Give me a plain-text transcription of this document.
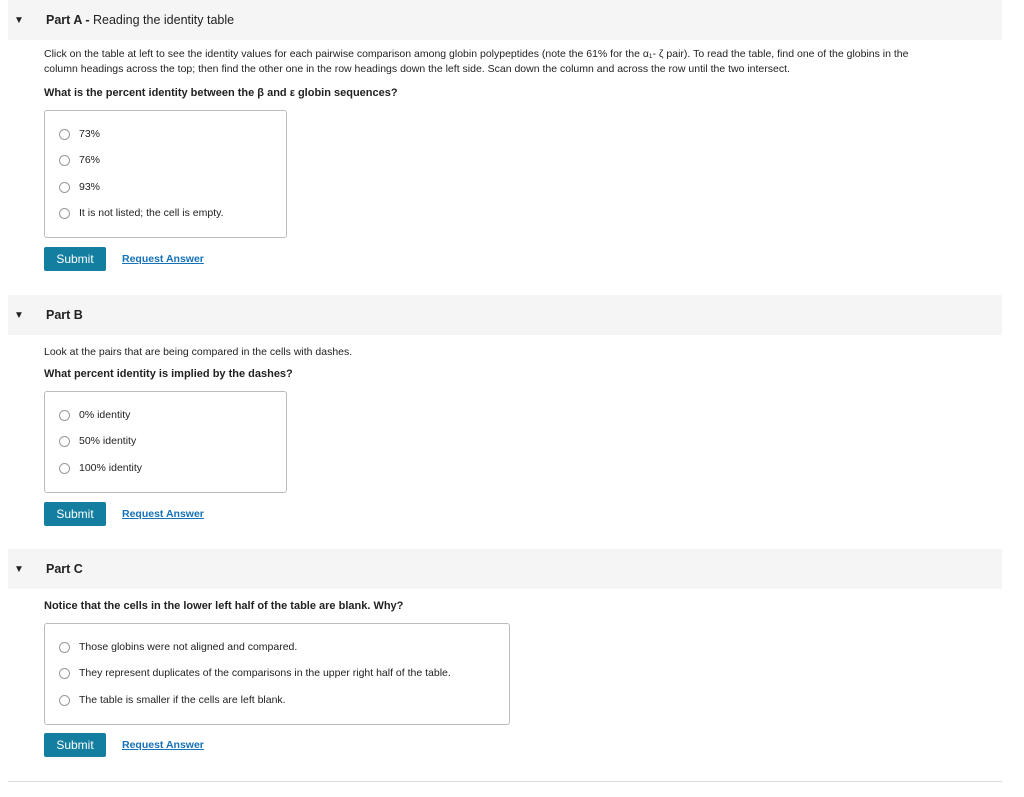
▼	Part A - Reading the identity table
Click on the table at left to see the identity values for each pairwise comparison among globin polypeptides (note the 61% for the α₁- ζ pair). To read the table, find one of the globins in the
column headings across the top; then find the other one in the row headings down the left side. Scan down the column and across the row until the two intersect.
What is the percent identity between the β and ε globin sequences?
73%
76%
93%
It is not listed; the cell is empty.
Submit	Request Answer
▼	Part B
Look at the pairs that are being compared in the cells with dashes.
What percent identity is implied by the dashes?
0% identity
50% identity
100% identity
Submit	Request Answer
▼	Part C
Notice that the cells in the lower left half of the table are blank. Why?
Those globins were not aligned and compared.
They represent duplicates of the comparisons in the upper right half of the table.
The table is smaller if the cells are left blank.
Submit	Request Answer
